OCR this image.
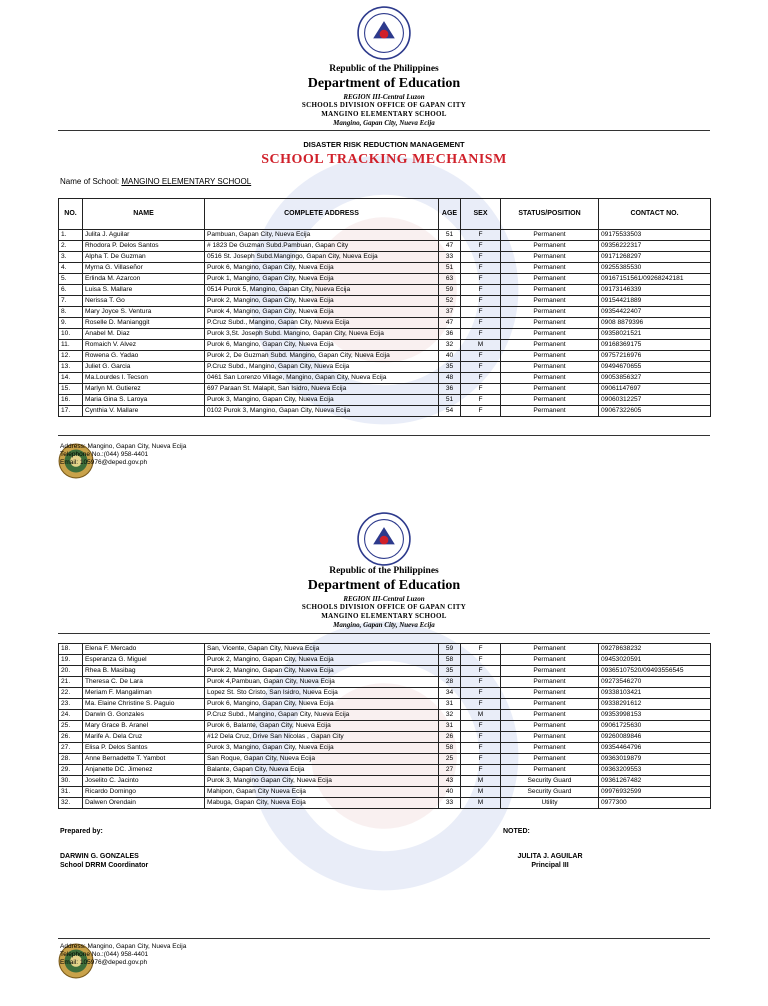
Republic of the Philippines
Department of Education
REGION III-Central Luzon
SCHOOLS DIVISION OFFICE OF GAPAN CITY
MANGINO ELEMENTARY SCHOOL
Mangino, Gapan City, Nueva Ecija
DISASTER RISK REDUCTION MANAGEMENT
SCHOOL TRACKING MECHANISM
Name of School: MANGINO ELEMENTARY SCHOOL
NO.	NAME	COMPLETE ADDRESS	AGE	SEX	STATUS/POSITION	CONTACT NO.
1.	Julita J. Aguilar	Pambuan, Gapan City, Nueva Ecija	51	F	Permanent	09175533503
2.	Rhodora P. Delos Santos	# 1823 De Guzman Subd.Pambuan, Gapan City	47	F	Permanent	09356222317
3.	Alpha T. De Guzman	0516 St. Joseph Subd.Mangingo, Gapan City, Nueva Ecija	33	F	Permanent	09171268297
4.	Myrna G. Villaseñor	Purok 6, Mangino, Gapan City, Nueva Ecija	51	F	Permanent	09255385530
5.	Erlinda M. Azarcon	Purok 1, Mangino, Gapan City, Nueva Ecija	63	F	Permanent	09167151561/09268242181
6.	Luisa S. Mallare	0514 Purok 5, Mangino, Gapan City, Nueva Ecija	59	F	Permanent	09173146339
7.	Nerissa T. Go	Purok 2, Mangino, Gapan City, Nueva Ecija	52	F	Permanent	09154421889
8.	Mary Joyce S. Ventura	Purok 4, Mangino, Gapan City, Nueva Ecija	37	F	Permanent	09354422407
9.	Roselle D. Manianggit	P.Cruz Subd., Mangino, Gapan City, Nueva Ecija	47	F	Permanent	0908 8879396
10.	Anabel M. Diaz	Purok 3,St. Joseph Subd. Mangino, Gapan City, Nueva Ecija	36	F	Permanent	09358021521
11.	Romaich V. Alvez	Purok 6, Mangino, Gapan City, Nueva Ecija	32	M	Permanent	09168369175
12.	Rowena G. Yadao	Purok 2, De Guzman Subd. Mangino, Gapan City, Nueva Ecija	40	F	Permanent	09757216976
13.	Juliet G. Garcia	P.Cruz Subd., Mangino, Gapan City, Nueva Ecija	35	F	Permanent	09494670655
14.	Ma.Lourdes I. Tecson	0461 San Lorenzo Village, Mangino, Gapan City, Nueva Ecija	48	F	Permanent	09053856327
15.	Marlyn M. Gutierez	697 Paraan St. Malapit, San Isidro, Nueva Ecija	36	F	Permanent	09061147697
16.	Maria Gina S. Laroya	Purok 3, Mangino, Gapan City, Nueva Ecija	51	F	Permanent	09060312257
17.	Cynthia V. Mallare	0102 Purok 3, Mangino, Gapan City, Nueva Ecija	54	F	Permanent	09067322605
Address: Mangino, Gapan City, Nueva Ecija
Telephone No.:(044) 958-4401
Email: 105976@deped.gov.ph
Republic of the Philippines
Department of Education
REGION III-Central Luzon
SCHOOLS DIVISION OFFICE OF GAPAN CITY
MANGINO ELEMENTARY SCHOOL
Mangino, Gapan City, Nueva Ecija
18.	Elena F. Mercado	San, Vicente, Gapan City, Nueva Ecija	59	F	Permanent	09278638232
19.	Esperanza G. Miguel	Purok 2, Mangino, Gapan City, Nueva Ecija	58	F	Permanent	09453020591
20.	Rhea B. Masibag	Purok 2, Mangino, Gapan City, Nueva Ecija	35	F	Permanent	09365107520/09493556545
21.	Theresa C. De Lara	Purok 4,Pambuan, Gapan City, Nueva Ecija	28	F	Permanent	09273546270
22.	Meriam F. Mangaliman	Lopez St. Sto Cristo, San Isidro, Nueva Ecija	34	F	Permanent	09338103421
23.	Ma. Elaine Christine S. Paguio	Purok 6, Mangino, Gapan City, Nueva Ecija	31	F	Permanent	09338291612
24.	Darwin G. Gonzales	P.Cruz Subd., Mangino, Gapan City, Nueva Ecija	32	M	Permanent	09353998153
25.	Mary Grace B. Aranel	Purok 6, Balante, Gapan City, Nueva Ecija	31	F	Permanent	09061725630
26.	Marife A. Dela Cruz	#12 Dela Cruz, Drive San Nicolas , Gapan City	26	F	Permanent	09260089846
27.	Elisa P. Delos Santos	Purok 3, Mangino, Gapan City, Nueva Ecija	58	F	Permanent	09354464796
28.	Anne Bernadette T. Yambot	San Roque, Gapan City, Nueva Ecija	25	F	Permanent	09363019879
29.	Anjanette DC. Jimenez	Balante, Gapan City, Nueva Ecija	27	F	Permanent	09363209553
30.	Joselito C. Jacinto	Purok 3, Mangino Gapan City, Nueva Ecija	43	M	Security Guard	09361267482
31.	Ricardo Domingo	Mahipon, Gapan City Nueva Ecija	40	M	Security Guard	09976932599
32.	Dalwen Orendain	Mabuga, Gapan City, Nueva Ecija	33	M	Utility	0977300
Prepared by:
DARWIN G. GONZALES
School DRRM Coordinator
NOTED:
JULITA J. AGUILAR
Principal III
Address: Mangino, Gapan City, Nueva Ecija
Telephone No.:(044) 958-4401
Email: 105976@deped.gov.ph
